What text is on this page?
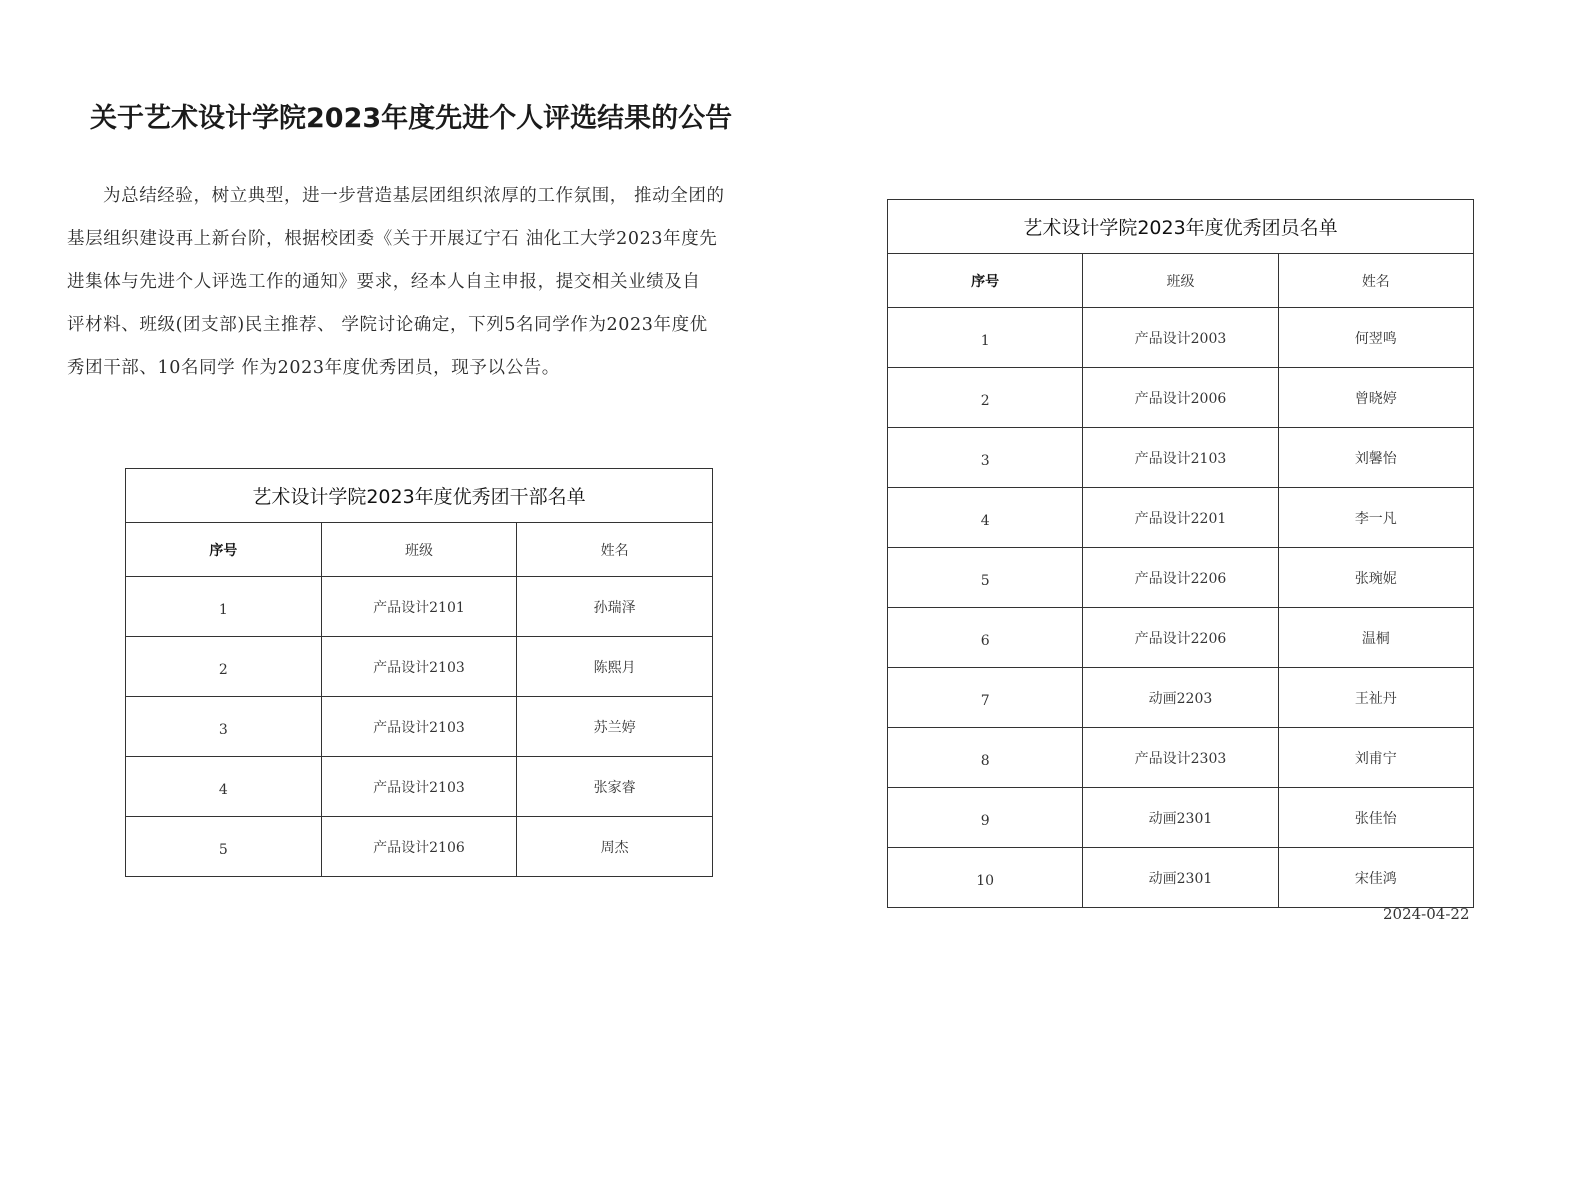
关于艺术设计学院2023年度先进个人评选结果的公告

为总结经验，树立典型，进一步营造基层团组织浓厚的工作氛围， 推动全团的

基层组织建设再上新台阶，根据校团委《关于开展辽宁石 油化工大学2023年度先

进集体与先进个人评选工作的通知》要求，经本人自主申报，提交相关业绩及自

评材料、班级(团支部)民主推荐、 学院讨论确定，下列5名同学作为2023年度优

秀团干部、10名同学 作为2023年度优秀团员，现予以公告。

艺术设计学院2023年度优秀团干部名单		
序号	班级	姓名
1	产品设计2101	孙瑞泽
2	产品设计2103	陈熙月
3	产品设计2103	苏兰婷
4	产品设计2103	张家睿
5	产品设计2106	周杰
艺术设计学院2023年度优秀团员名单		
序号	班级	姓名
1	产品设计2003	何翌鸣
2	产品设计2006	曾晓婷
3	产品设计2103	刘馨怡
4	产品设计2201	李一凡
5	产品设计2206	张琬妮
6	产品设计2206	温桐
7	动画2203	王祉丹
8	产品设计2303	刘甫宁
9	动画2301	张佳怡
10	动画2301	宋佳鸿
2024-04-22
